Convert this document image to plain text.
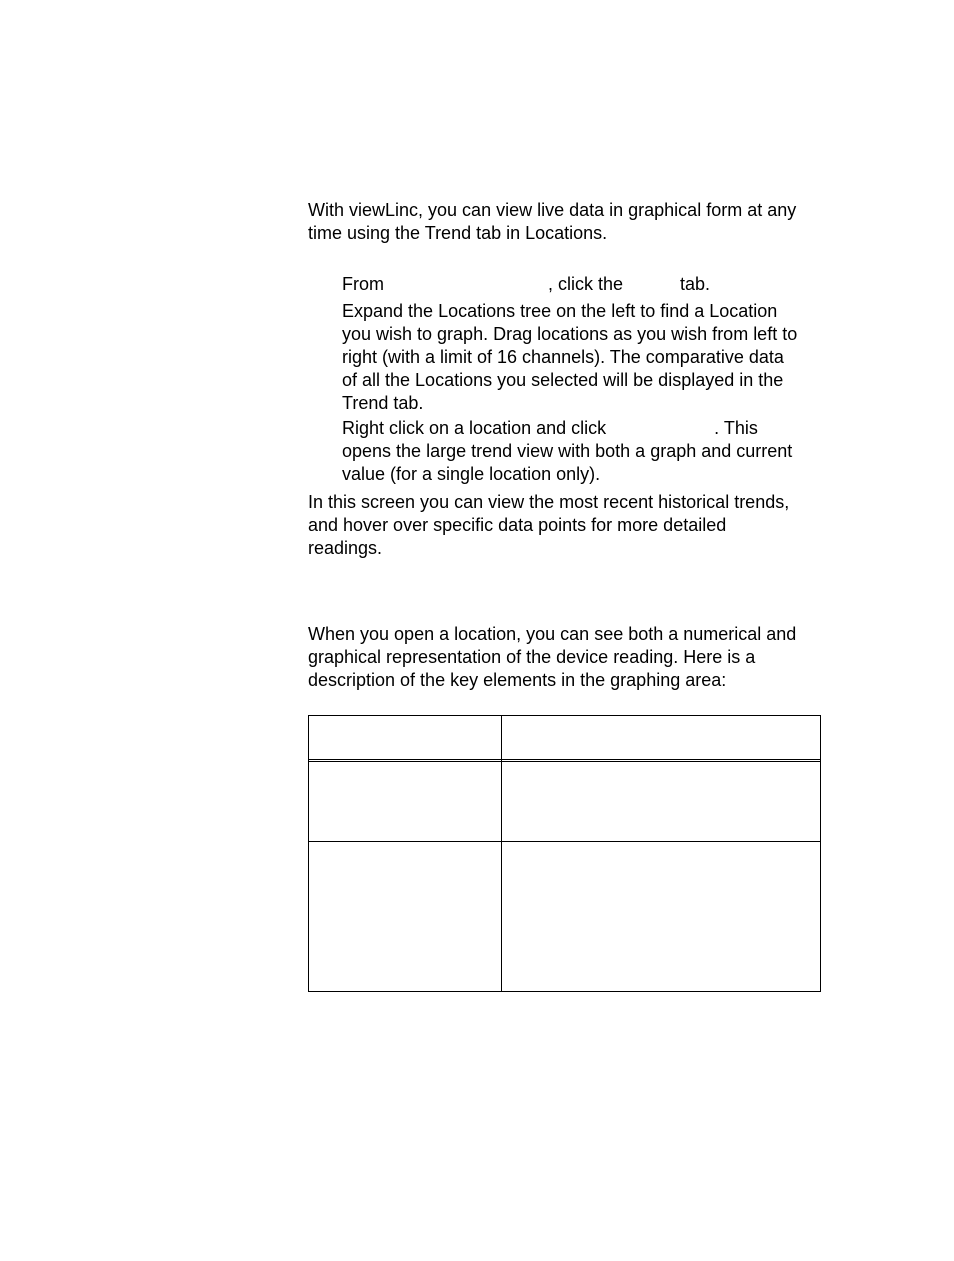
With viewLinc, you can view live data in graphical form at any
time using the Trend tab in Locations.
From	, click the	tab.
Expand the Locations tree on the left to find a Location
you wish to graph. Drag locations as you wish from left to
right (with a limit of 16 channels). The comparative data
of all the Locations you selected will be displayed in the
Trend tab.
Right click on a location and click	. This
opens the large trend view with both a graph and current
value (for a single location only).
In this screen you can view the most recent historical trends,
and hover over specific data points for more detailed
readings.
When you open a location, you can see both a numerical and
graphical representation of the device reading. Here is a
description of the key elements in the graphing area:
